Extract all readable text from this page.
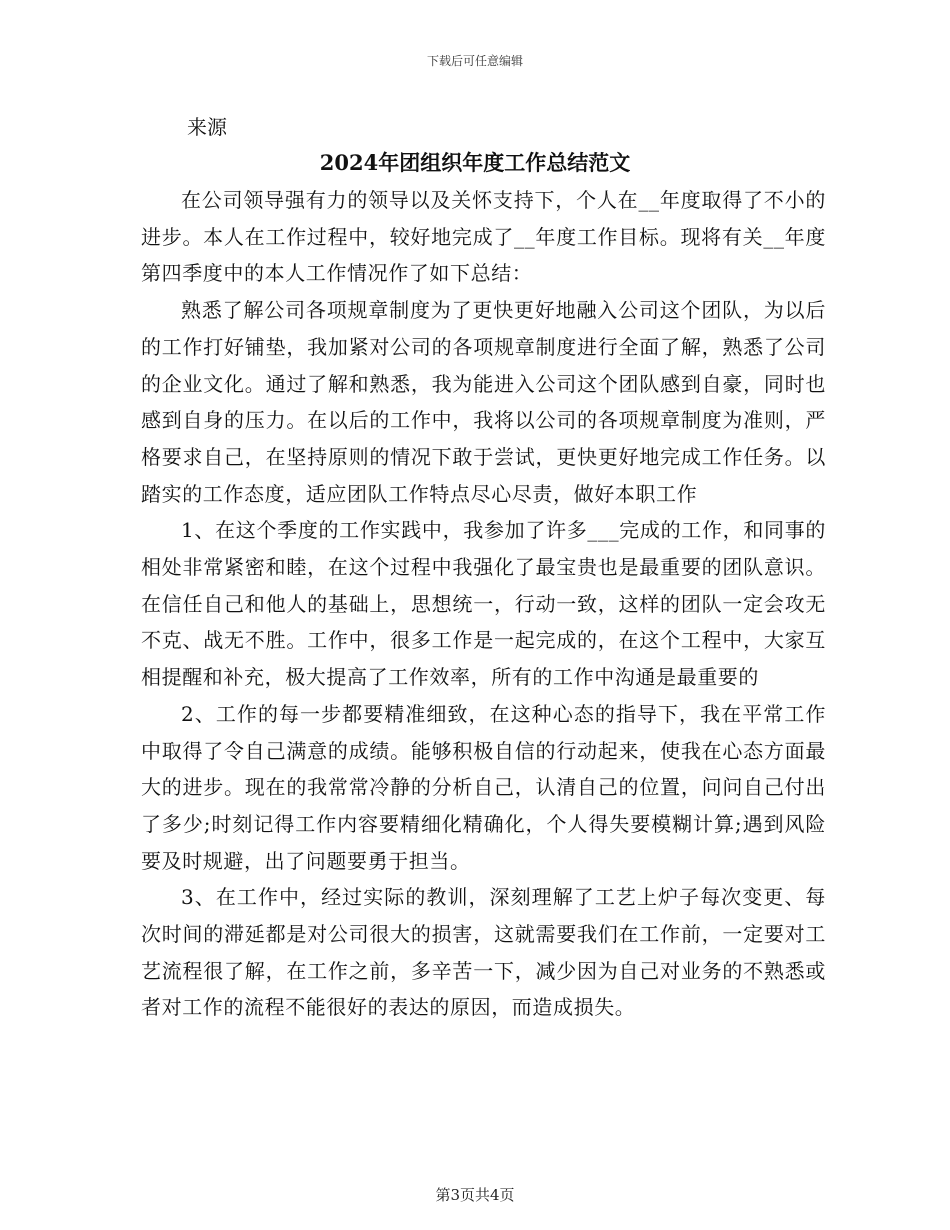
下载后可任意编辑
来源
2024年团组织年度工作总结范文

在公司领导强有力的领导以及关怀支持下，个人在__年度取得了不小的进步。本人在工作过程中，较好地完成了__年度工作目标。现将有关__年度第四季度中的本人工作情况作了如下总结：

熟悉了解公司各项规章制度为了更快更好地融入公司这个团队，为以后的工作打好铺垫，我加紧对公司的各项规章制度进行全面了解，熟悉了公司的企业文化。通过了解和熟悉，我为能进入公司这个团队感到自豪，同时也感到自身的压力。在以后的工作中，我将以公司的各项规章制度为准则，严格要求自己，在坚持原则的情况下敢于尝试，更快更好地完成工作任务。以踏实的工作态度，适应团队工作特点尽心尽责，做好本职工作

1、在这个季度的工作实践中，我参加了许多___完成的工作，和同事的相处非常紧密和睦，在这个过程中我强化了最宝贵也是最重要的团队意识。在信任自己和他人的基础上，思想统一，行动一致，这样的团队一定会攻无不克、战无不胜。工作中，很多工作是一起完成的，在这个工程中，大家互相提醒和补充，极大提高了工作效率，所有的工作中沟通是最重要的

2、工作的每一步都要精准细致，在这种心态的指导下，我在平常工作中取得了令自己满意的成绩。能够积极自信的行动起来，使我在心态方面最大的进步。现在的我常常冷静的分析自己，认清自己的位置，问问自己付出了多少;时刻记得工作内容要精细化精确化，个人得失要模糊计算;遇到风险要及时规避，出了问题要勇于担当。

3、在工作中，经过实际的教训，深刻理解了工艺上炉子每次变更、每次时间的滞延都是对公司很大的损害，这就需要我们在工作前，一定要对工艺流程很了解，在工作之前，多辛苦一下，减少因为自己对业务的不熟悉或者对工作的流程不能很好的表达的原因，而造成损失。

第3页共4页
